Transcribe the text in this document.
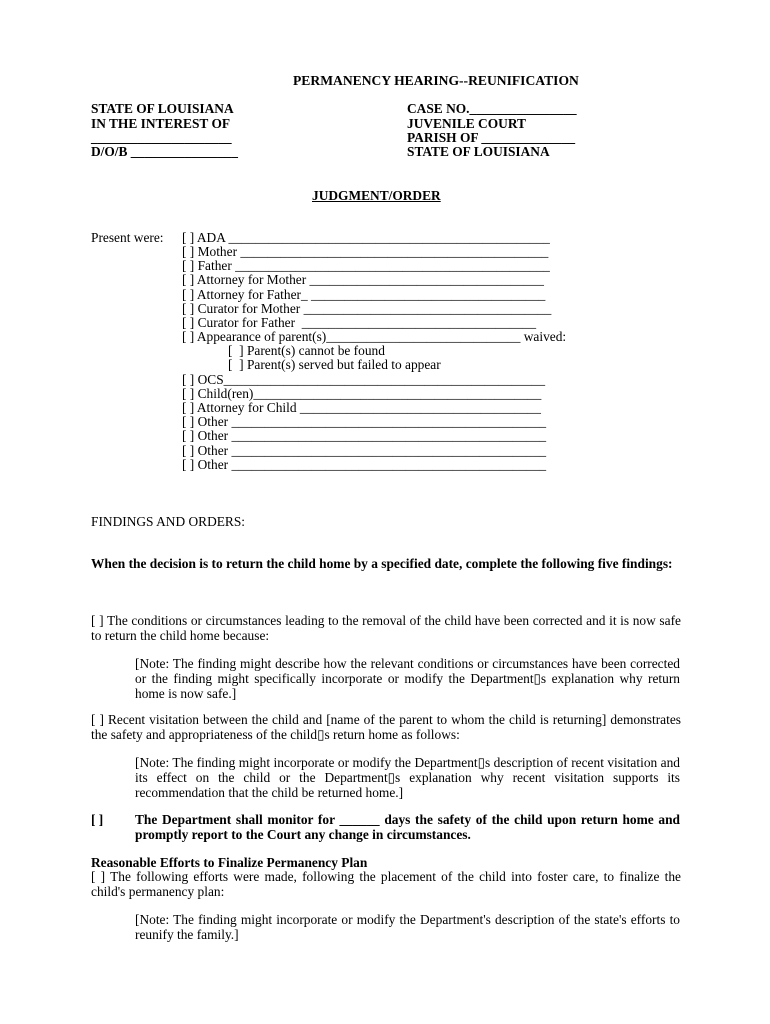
PERMANENCY HEARING--REUNIFICATION
STATE OF LOUISIANA
IN THE INTEREST OF
_____________________
D/O/B ________________
CASE NO.________________
JUVENILE COURT
PARISH OF ______________
STATE OF LOUISIANA
JUDGMENT/ORDER
Present were: [ ] ADA ________________________________________________
[ ] Mother ______________________________________________
[ ] Father _______________________________________________
[ ] Attorney for Mother ___________________________________
[ ] Attorney for Father_ ___________________________________
[ ] Curator for Mother _____________________________________
[ ] Curator for Father  ___________________________________
[ ] Appearance of parent(s)_____________________________ waived:
[  ] Parent(s) cannot be found
[  ] Parent(s) served but failed to appear
[ ] OCS________________________________________________
[ ] Child(ren)___________________________________________
[ ] Attorney for Child ____________________________________
[ ] Other _______________________________________________
[ ] Other _______________________________________________
[ ] Other _______________________________________________
[ ] Other _______________________________________________
FINDINGS AND ORDERS:
When the decision is to return the child home by a specified date, complete the following five findings:
[ ] The conditions or circumstances leading to the removal of the child have been corrected and it is now safe to return the child home because:
[Note: The finding might describe how the relevant conditions or circumstances have been corrected or the finding might specifically incorporate or modify the Department▯s explanation why return home is now safe.]
[ ] Recent visitation between the child and [name of the parent to whom the child is returning] demonstrates the safety and appropriateness of the child▯s return home as follows:
[Note: The finding might incorporate or modify the Department▯s description of recent visitation and its effect on the child or the Department▯s explanation why recent visitation supports its recommendation that the child be returned home.]
[ ] The Department shall monitor for ______ days the safety of the child upon return home and promptly report to the Court any change in circumstances.
Reasonable Efforts to Finalize Permanency Plan
[ ] The following efforts were made, following the placement of the child into foster care, to finalize the child's permanency plan:
[Note: The finding might incorporate or modify the Department's description of the state's efforts to reunify the family.]
